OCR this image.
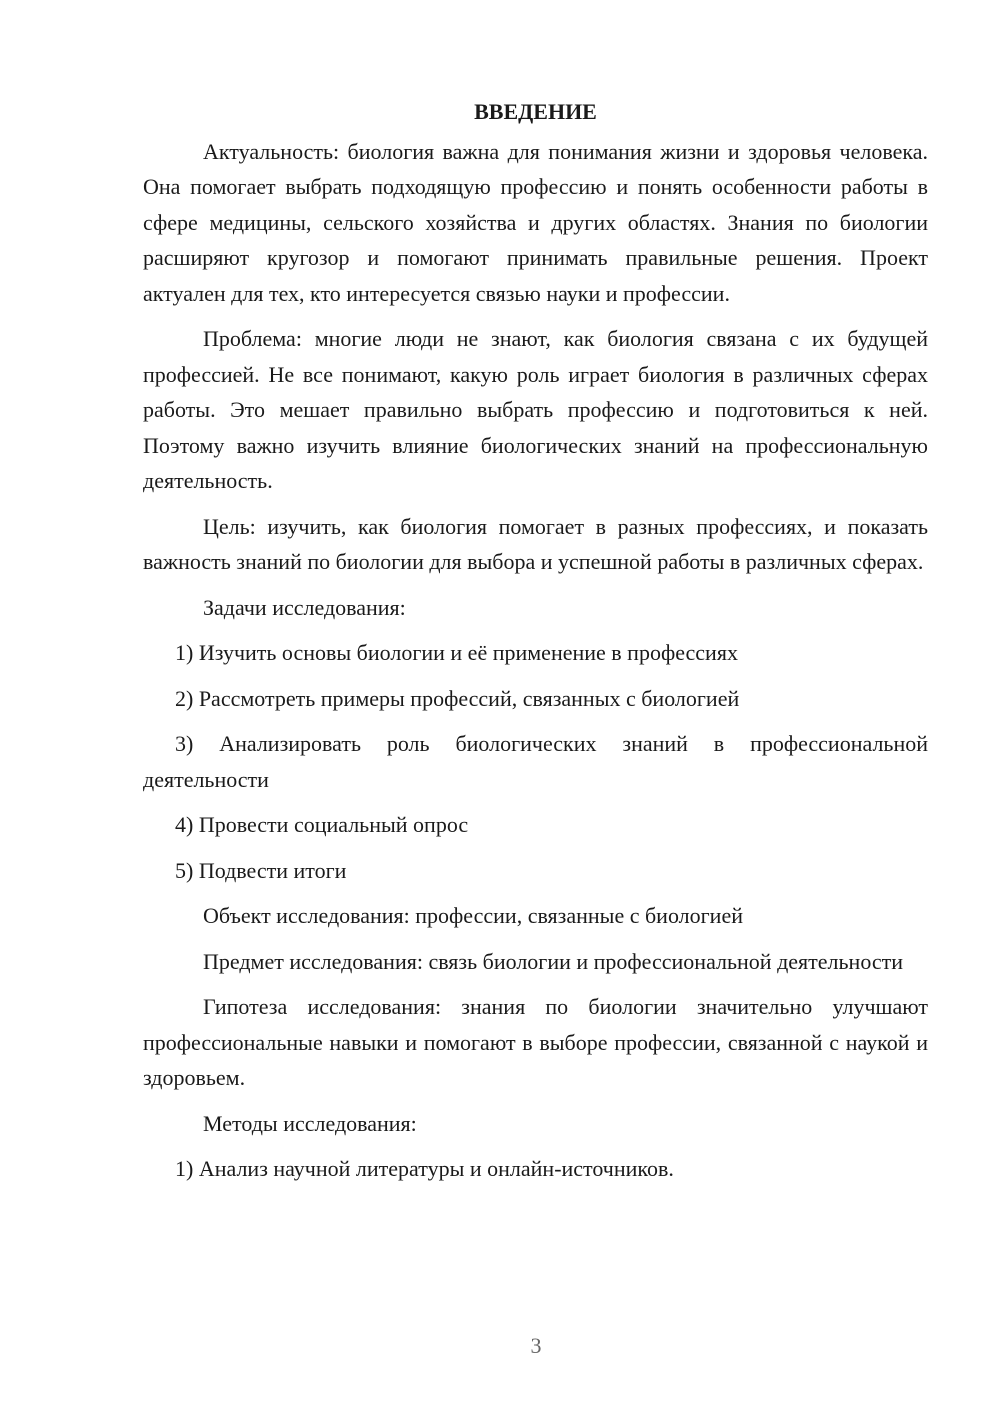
ВВЕДЕНИЕ

Актуальность: биология важна для понимания жизни и здоровья человека. Она помогает выбрать подходящую профессию и понять особенности работы в сфере медицины, сельского хозяйства и других областях. Знания по биологии расширяют кругозор и помогают принимать правильные решения. Проект актуален для тех, кто интересуется связью науки и профессии.

Проблема: многие люди не знают, как биология связана с их будущей профессией. Не все понимают, какую роль играет биология в различных сферах работы. Это мешает правильно выбрать профессию и подготовиться к ней. Поэтому важно изучить влияние биологических знаний на профессиональную деятельность.

Цель: изучить, как биология помогает в разных профессиях, и показать важность знаний по биологии для выбора и успешной работы в различных сферах.

Задачи исследования:

1) Изучить основы биологии и её применение в профессиях

2) Рассмотреть примеры профессий, связанных с биологией

3) Анализировать роль биологических знаний в профессиональной деятельности

4) Провести социальный опрос

5) Подвести итоги

Объект исследования: профессии, связанные с биологией

Предмет исследования: связь биологии и профессиональной деятельности

Гипотеза исследования: знания по биологии значительно улучшают профессиональные навыки и помогают в выборе профессии, связанной с наукой и здоровьем.

Методы исследования:

1) Анализ научной литературы и онлайн-источников.

3
